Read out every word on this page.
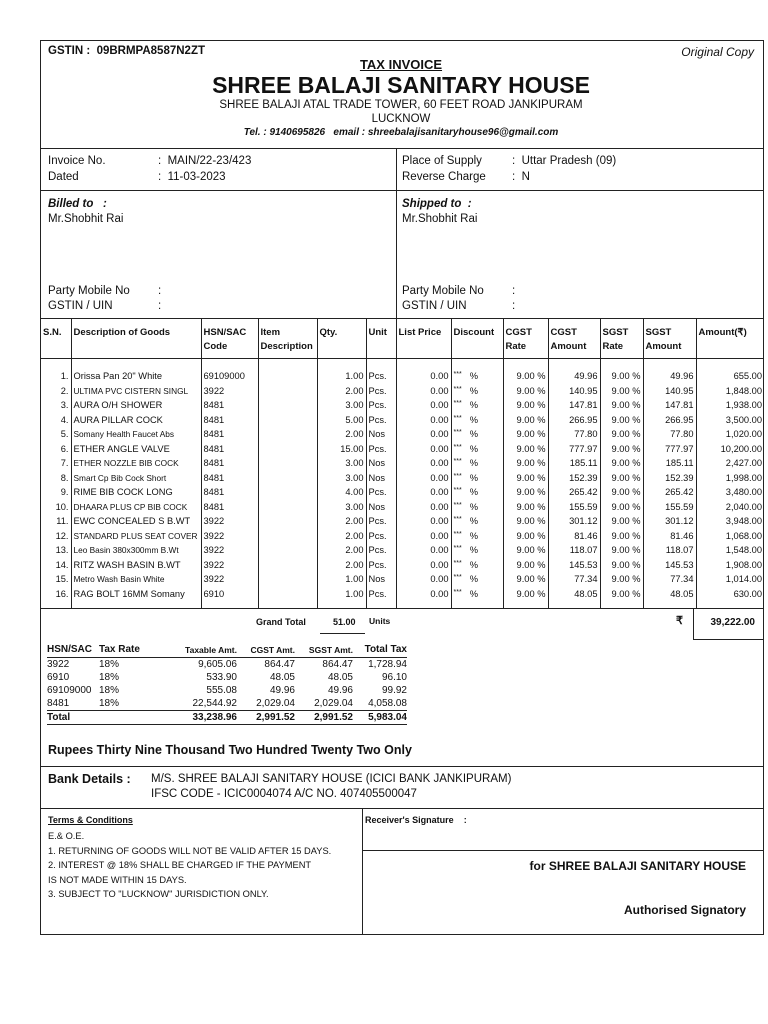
GSTIN :  09BRMPA8587N2ZT	Original Copy
TAX INVOICE
SHREE BALAJI SANITARY HOUSE
SHREE BALAJI ATAL TRADE TOWER, 60 FEET ROAD JANKIPURAM
LUCKNOW
Tel. : 9140695826   email : shreebalajisanitaryhouse96@gmail.com
Invoice No.	:  MAIN/22-23/423
Dated	:  11-03-2023
Place of Supply	:  Uttar Pradesh (09)
Reverse Charge :  N
Billed to   :
Mr.Shobhit Rai
Party Mobile No :
GSTIN / UIN	:
Shipped to  :
Mr.Shobhit Rai
Party Mobile No :
GSTIN / UIN	:
S.N.	Description of Goods	HSN/SAC Code	Item Description	Qty.	Unit	List Price	Discount	CGST Rate	CGST Amount	SGST Rate	SGST Amount	Amount(₹)

1.	Orissa Pan 20" White	69109000		1.00	Pcs.	0.00	*** %	9.00 %	49.96	9.00 %	49.96	655.00
2.	ULTIMA PVC CISTERN SINGL	3922		2.00	Pcs.	0.00	*** %	9.00 %	140.95	9.00 %	140.95	1,848.00
3.	AURA O/H SHOWER	8481		3.00	Pcs.	0.00	*** %	9.00 %	147.81	9.00 %	147.81	1,938.00
4.	AURA PILLAR COCK	8481		5.00	Pcs.	0.00	*** %	9.00 %	266.95	9.00 %	266.95	3,500.00
5.	Somany Health Faucet Abs	8481		2.00	Nos	0.00	*** %	9.00 %	77.80	9.00 %	77.80	1,020.00
6.	ETHER ANGLE VALVE	8481		15.00	Pcs.	0.00	*** %	9.00 %	777.97	9.00 %	777.97	10,200.00
7.	ETHER NOZZLE BIB COCK	8481		3.00	Nos	0.00	*** %	9.00 %	185.11	9.00 %	185.11	2,427.00
8.	Smart Cp Bib Cock Short	8481		3.00	Nos	0.00	*** %	9.00 %	152.39	9.00 %	152.39	1,998.00
9.	RIME BIB COCK LONG	8481		4.00	Pcs.	0.00	*** %	9.00 %	265.42	9.00 %	265.42	3,480.00
10.	DHAARA PLUS CP BIB COCK	8481		3.00	Nos	0.00	*** %	9.00 %	155.59	9.00 %	155.59	2,040.00
11.	EWC CONCEALED S B.WT	3922		2.00	Pcs.	0.00	*** %	9.00 %	301.12	9.00 %	301.12	3,948.00
12.	STANDARD PLUS SEAT COVER	3922		2.00	Pcs.	0.00	*** %	9.00 %	81.46	9.00 %	81.46	1,068.00
13.	Leo Basin 380x300mm B.Wt	3922		2.00	Pcs.	0.00	*** %	9.00 %	118.07	9.00 %	118.07	1,548.00
14.	RITZ WASH BASIN B.WT	3922		2.00	Pcs.	0.00	*** %	9.00 %	145.53	9.00 %	145.53	1,908.00
15.	Metro Wash Basin White	3922		1.00	Nos	0.00	*** %	9.00 %	77.34	9.00 %	77.34	1,014.00
16.	RAG BOLT 16MM Somany	6910		1.00	Pcs.	0.00	*** %	9.00 %	48.05	9.00 %	48.05	630.00

Grand Total	51.00 Units	₹	39,222.00
HSN/SAC	Tax Rate	Taxable Amt.	CGST Amt.	SGST Amt.	Total Tax
3922	18%	9,605.06	864.47	864.47	1,728.94
6910	18%	533.90	48.05	48.05	96.10
69109000	18%	555.08	49.96	49.96	99.92
8481	18%	22,544.92	2,029.04	2,029.04	4,058.08
Total		33,238.96	2,991.52	2,991.52	5,983.04
Rupees Thirty Nine Thousand Two Hundred Twenty Two Only
Bank Details : M/S. SHREE BALAJI SANITARY HOUSE (ICICI BANK JANKIPURAM)
IFSC CODE - ICIC0004074 A/C NO. 407405500047
Terms & Conditions
E.& O.E.
1. RETURNING OF GOODS WILL NOT BE VALID AFTER 15 DAYS.
2. INTEREST @ 18% SHALL BE CHARGED IF THE PAYMENT
IS NOT MADE WITHIN 15 DAYS.
3. SUBJECT TO "LUCKNOW" JURISDICTION ONLY.
Receiver's Signature    :
for SHREE BALAJI SANITARY HOUSE
Authorised Signatory
